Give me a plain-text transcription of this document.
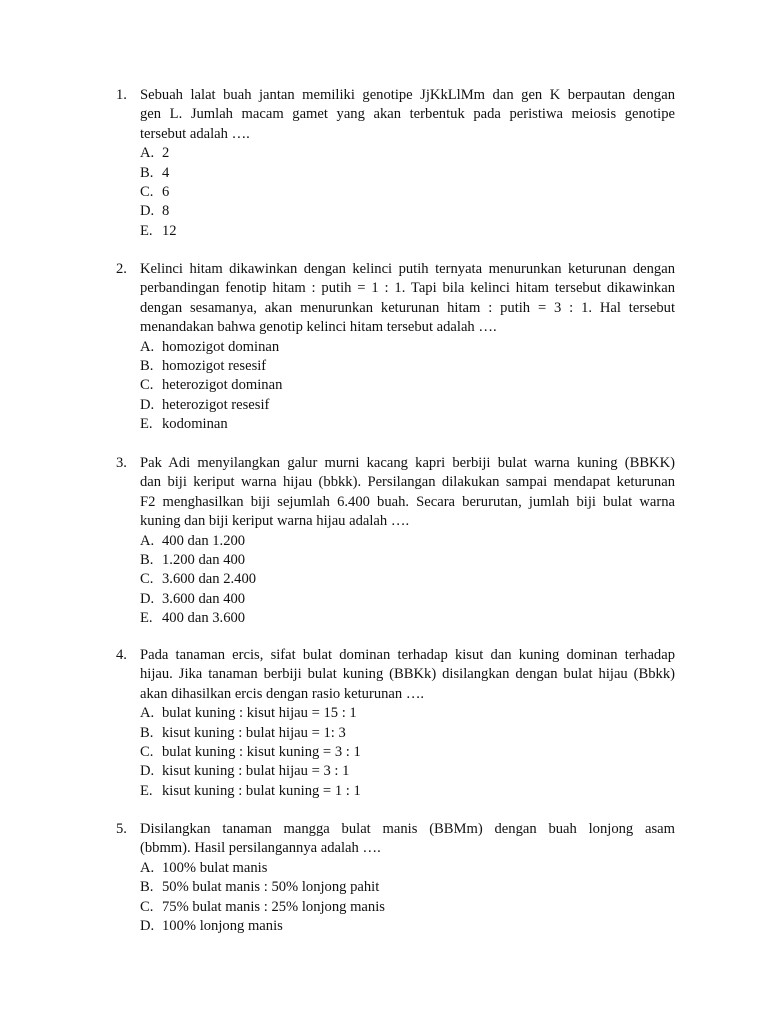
1. Sebuah lalat buah jantan memiliki genotipe JjKkLlMm dan gen K berpautan dengan
gen L. Jumlah macam gamet yang akan terbentuk pada peristiwa meiosis genotipe
tersebut adalah ….
A. 2
B. 4
C. 6
D. 8
E. 12
2. Kelinci hitam dikawinkan dengan kelinci putih ternyata menurunkan keturunan dengan
perbandingan fenotip hitam : putih = 1 : 1. Tapi bila kelinci hitam tersebut dikawinkan
dengan sesamanya, akan menurunkan keturunan hitam : putih = 3 : 1. Hal tersebut
menandakan bahwa genotip kelinci hitam tersebut adalah ….
A. homozigot dominan
B. homozigot resesif
C. heterozigot dominan
D. heterozigot resesif
E. kodominan
3. Pak Adi menyilangkan galur murni kacang kapri berbiji bulat warna kuning (BBKK)
dan biji keriput warna hijau (bbkk). Persilangan dilakukan sampai mendapat keturunan
F2 menghasilkan biji sejumlah 6.400 buah. Secara berurutan, jumlah biji bulat warna
kuning dan biji keriput warna hijau adalah ….
A. 400 dan 1.200
B. 1.200 dan 400
C. 3.600 dan 2.400
D. 3.600 dan 400
E. 400 dan 3.600
4. Pada tanaman ercis, sifat bulat dominan terhadap kisut dan kuning dominan terhadap
hijau. Jika tanaman berbiji bulat kuning (BBKk) disilangkan dengan bulat hijau (Bbkk)
akan dihasilkan ercis dengan rasio keturunan ….
A. bulat kuning : kisut hijau = 15 : 1
B. kisut kuning : bulat hijau = 1: 3
C. bulat kuning : kisut kuning = 3 : 1
D. kisut kuning : bulat hijau = 3 : 1
E. kisut kuning : bulat kuning = 1 : 1
5. Disilangkan tanaman mangga bulat manis (BBMm) dengan buah lonjong asam
(bbmm). Hasil persilangannya adalah ….
A. 100% bulat manis
B. 50% bulat manis : 50% lonjong pahit
C. 75% bulat manis : 25% lonjong manis
D. 100% lonjong manis
